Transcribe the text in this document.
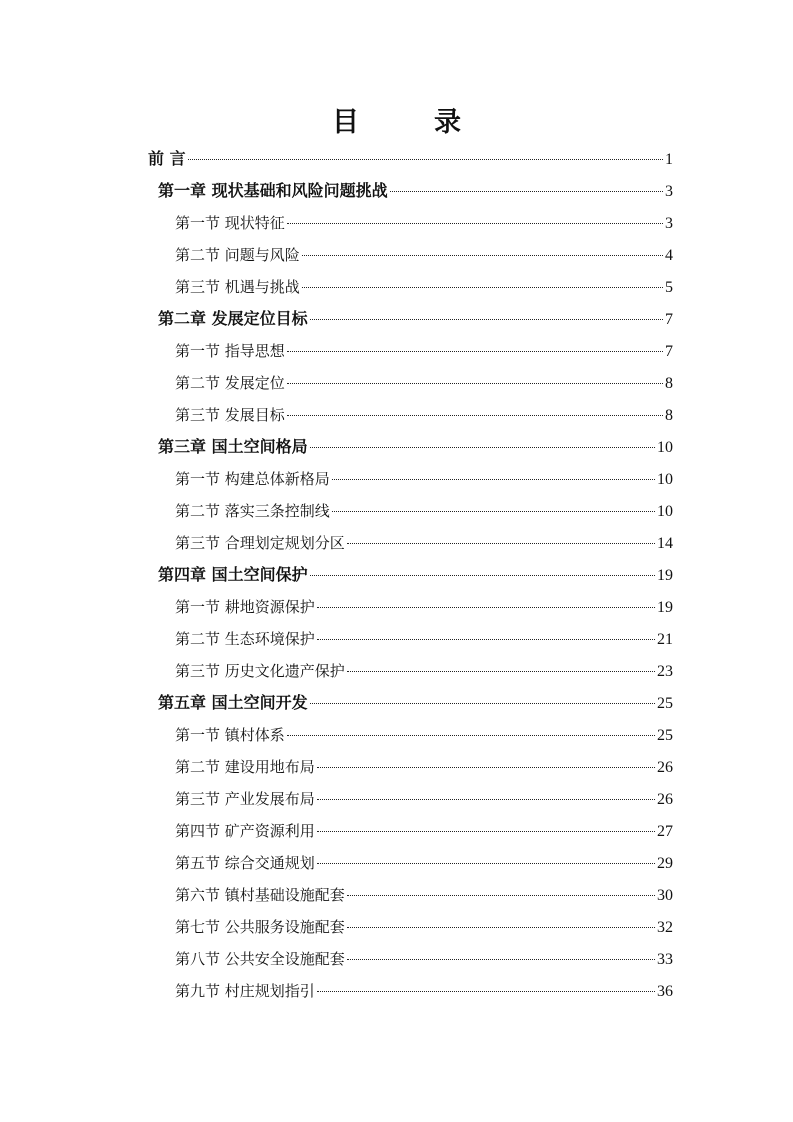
目　录
前 言	1
第一章 现状基础和风险问题挑战	3
第一节 现状特征	3
第二节 问题与风险	4
第三节 机遇与挑战	5
第二章 发展定位目标	7
第一节 指导思想	7
第二节 发展定位	8
第三节 发展目标	8
第三章 国土空间格局	10
第一节 构建总体新格局	10
第二节 落实三条控制线	10
第三节 合理划定规划分区	14
第四章 国土空间保护	19
第一节 耕地资源保护	19
第二节 生态环境保护	21
第三节 历史文化遗产保护	23
第五章 国土空间开发	25
第一节 镇村体系	25
第二节 建设用地布局	26
第三节 产业发展布局	26
第四节 矿产资源利用	27
第五节 综合交通规划	29
第六节 镇村基础设施配套	30
第七节 公共服务设施配套	32
第八节 公共安全设施配套	33
第九节 村庄规划指引	36
